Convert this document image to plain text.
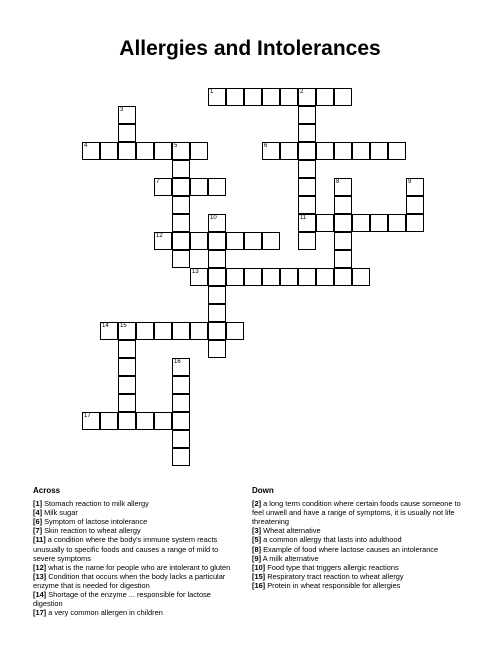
Allergies and Intolerances
1	2
11
3
4	5	6
7	8	9
10
12
13
14 15
16
17
Across

[1] Stomach reaction to milk allergy

[4] Milk sugar

[6] Symptom of lactose intolerance

[7] Skin reaction to wheat allergy

[11] a condition where the body's immune system reacts unusually to specific foods and causes a range of mild to severe symptoms

[12] what is the name for people who are intolerant to gluten

[13] Condition that occurs when the body lacks a particular enzyme that is needed for digestion

[14] Shortage of the enzyme ... responsible for lactose digestion

[17] a very common allergen in children

Down

[2] a long term condition where certain foods cause someone to feel unwell and have a range of symptoms, it is usually not life threatening

[3] Wheat alternative

[5] a common allergy that lasts into adulthood

[8] Example of food where lactose causes an intolerance

[9] A milk alternative

[10] Food type that triggers allergic reactions

[15] Respiratory tract reaction to wheat allergy

[16] Protein in wheat responsible for allergies
